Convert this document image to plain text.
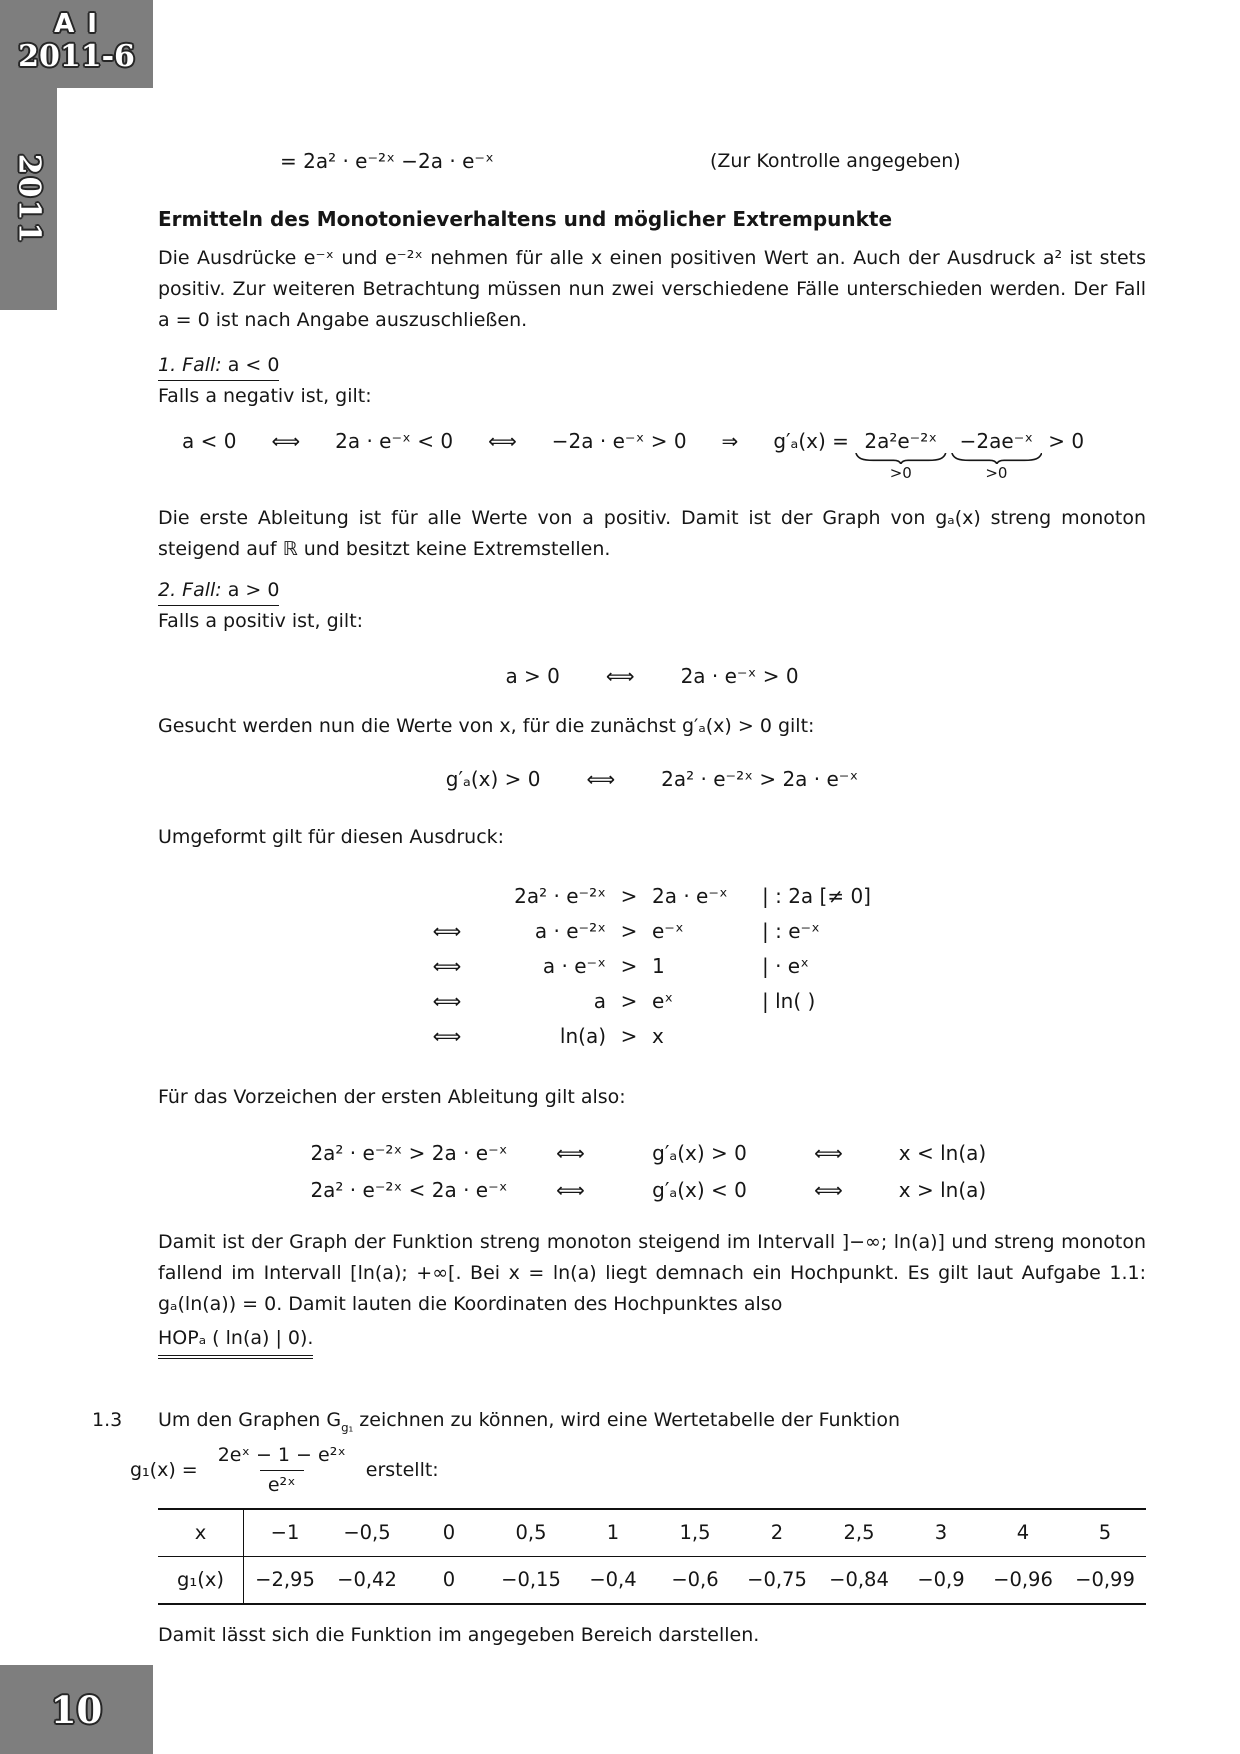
A I
2011-6
2011
10
= 2a² · e⁻²ˣ −2a · e⁻ˣ	(Zur Kontrolle angegeben)
Ermitteln des Monotonieverhaltens und möglicher Extrempunkte

Die Ausdrücke e⁻ˣ und e⁻²ˣ nehmen für alle x einen positiven Wert an. Auch der Ausdruck a² ist stets positiv. Zur weiteren Betrachtung müssen nun zwei verschiedene Fälle unterschieden werden. Der Fall a = 0 ist nach Angabe auszuschließen.

1. Fall: a < 0
Falls a negativ ist, gilt:
a < 0 ⟺ 2a · e⁻ˣ < 0 ⟺ −2a · e⁻ˣ > 0 ⇒ g′ₐ(x) = 2a²e⁻²ˣ
>0
−2ae⁻ˣ
>0
> 0

Die erste Ableitung ist für alle Werte von a positiv. Damit ist der Graph von gₐ(x) streng monoton steigend auf ℝ und besitzt keine Extremstellen.

2. Fall: a > 0
Falls a positiv ist, gilt:
a > 0 ⟺ 2a · e⁻ˣ > 0
Gesucht werden nun die Werte von x, für die zunächst g′ₐ(x) > 0 gilt:
g′ₐ(x) > 0 ⟺ 2a² · e⁻²ˣ > 2a · e⁻ˣ
Umgeformt gilt für diesen Ausdruck:
2a² · e⁻²ˣ > 2a · e⁻ˣ	| : 2a [≠ 0]
⟺	a · e⁻²ˣ > e⁻ˣ	| : e⁻ˣ
⟺	a · e⁻ˣ > 1	| · eˣ
⟺	a > eˣ	| ln( )
⟺	ln(a) > x
Für das Vorzeichen der ersten Ableitung gilt also:
2a² · e⁻²ˣ > 2a · e⁻ˣ	⟺	g′ₐ(x) > 0	⟺	x < ln(a)
2a² · e⁻²ˣ < 2a · e⁻ˣ	⟺	g′ₐ(x) < 0	⟺	x > ln(a)

Damit ist der Graph der Funktion streng monoton steigend im Intervall ]−∞; ln(a)] und streng monoton fallend im Intervall [ln(a); +∞[. Bei x = ln(a) liegt demnach ein Hochpunkt. Es gilt laut Aufgabe 1.1: gₐ(ln(a)) = 0. Damit lauten die Koordinaten des Hochpunktes also

HOPₐ ( ln(a) | 0).
1.3 Um den Graphen $G_{g_1}$ zeichnen zu können, wird eine Wertetabelle der Funktion
$g_1(x) = \frac{\text{2eˣ − 1 − e²ˣ}}{\text{e²ˣ}}$ erstellt:
x	−1	−0,5	0	0,5	1	1,5	2	2,5	3	4	5
g₁(x)	−2,95	−0,42	0	−0,15	−0,4	−0,6	−0,75	−0,84	−0,9	−0,96	−0,99
Damit lässt sich die Funktion im angegeben Bereich darstellen.
